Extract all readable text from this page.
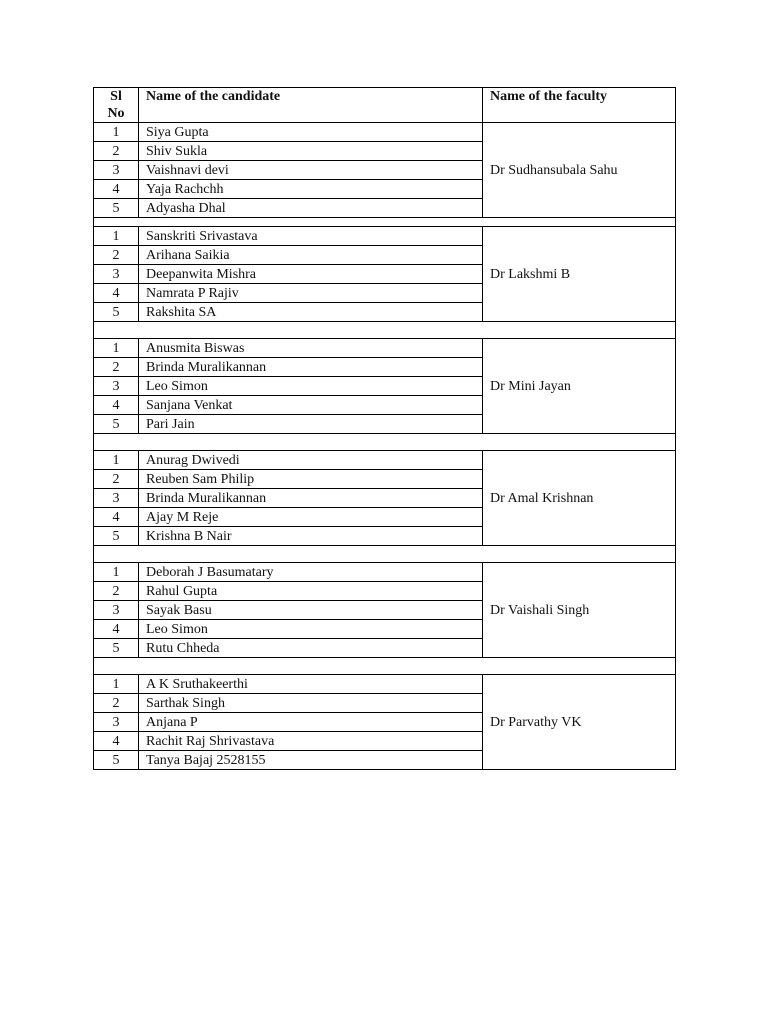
Sl
No	Name of the candidate	Name of the faculty
1	Siya Gupta	Dr Sudhansubala Sahu
2	Shiv Sukla	
3	Vaishnavi devi	
4	Yaja Rachchh	
5	Adyasha Dhal	

1	Sanskriti Srivastava	Dr Lakshmi B
2	Arihana Saikia	
3	Deepanwita Mishra	
4	Namrata P Rajiv	
5	Rakshita SA	

1	Anusmita Biswas	Dr Mini Jayan
2	Brinda Muralikannan	
3	Leo Simon	
4	Sanjana Venkat	
5	Pari Jain	

1	Anurag Dwivedi	Dr Amal Krishnan
2	Reuben Sam Philip	
3	Brinda Muralikannan	
4	Ajay M Reje	
5	Krishna B Nair	

1	Deborah J Basumatary	Dr Vaishali Singh
2	Rahul Gupta	
3	Sayak Basu	
4	Leo Simon	
5	Rutu Chheda	

1	A K Sruthakeerthi	Dr Parvathy VK
2	Sarthak Singh	
3	Anjana P	
4	Rachit Raj Shrivastava	
5	Tanya Bajaj 2528155	
